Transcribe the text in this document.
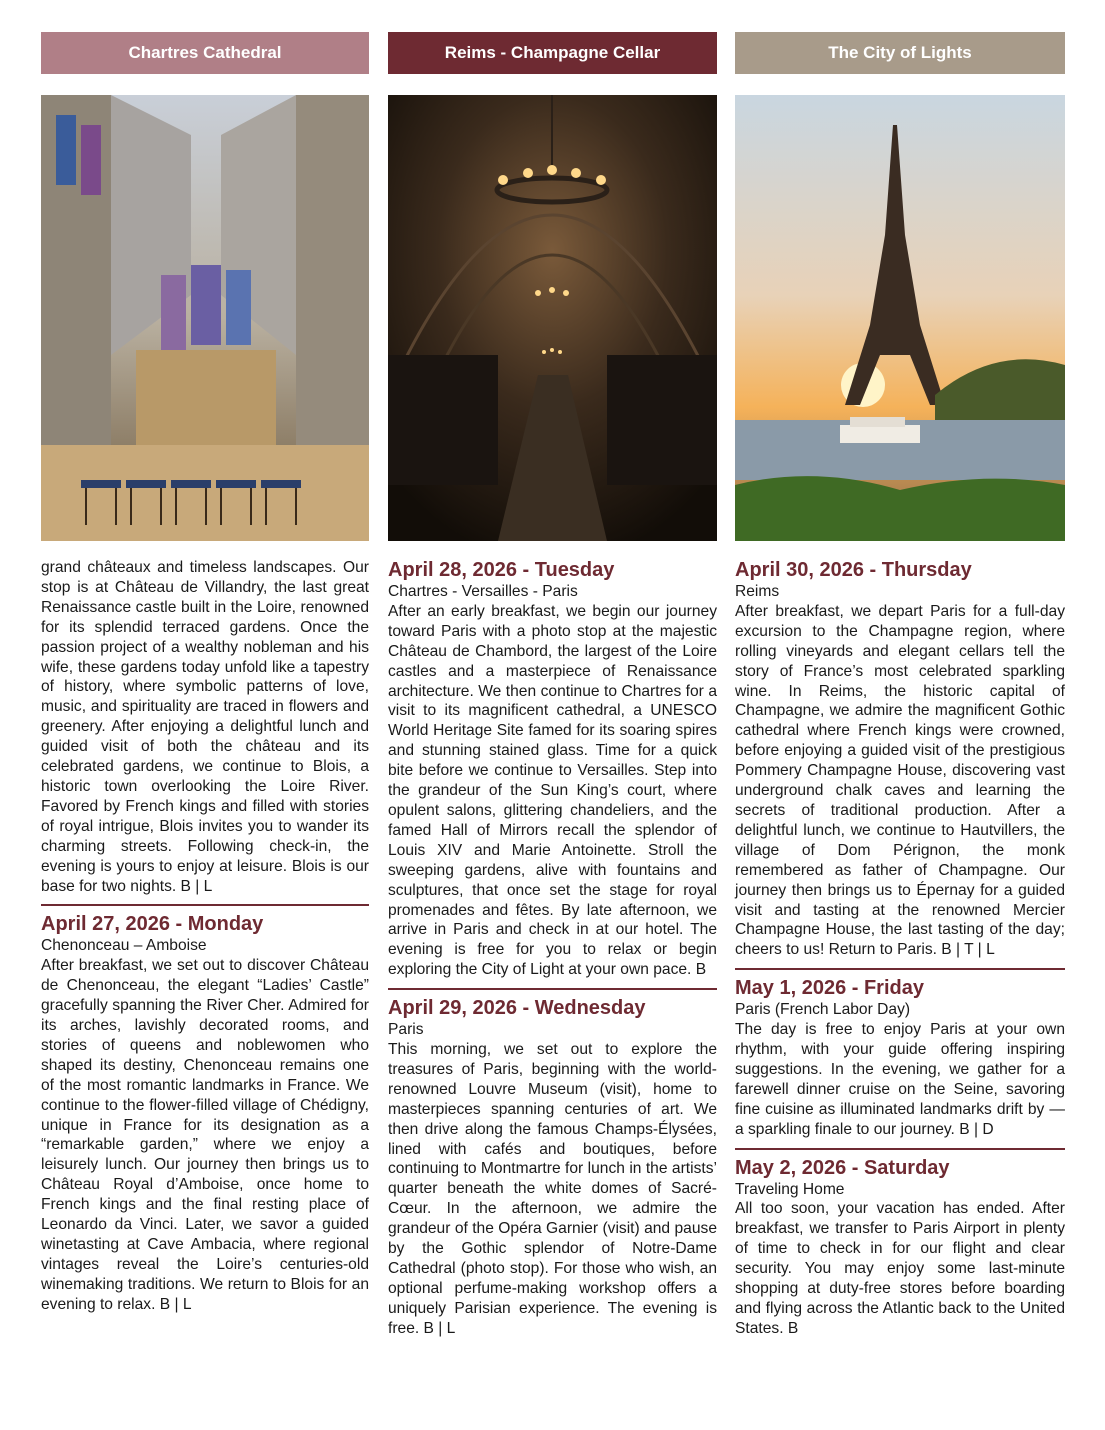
Chartres Cathedral

grand châteaux and timeless landscapes. Our stop is at Château de Villandry, the last great Renaissance castle built in the Loire, renowned for its splendid terraced gardens. Once the passion project of a wealthy nobleman and his wife, these gardens today unfold like a tapestry of history, where symbolic patterns of love, music, and spirituality are traced in flowers and greenery. After enjoying a delightful lunch and guided visit of both the château and its celebrated gardens, we continue to Blois, a historic town overlooking the Loire River. Favored by French kings and filled with stories of royal intrigue, Blois invites you to wander its charming streets. Following check-in, the evening is yours to enjoy at leisure. Blois is our base for two nights. B | L

April 27, 2026 - Monday

Chenonceau – Amboise

After breakfast, we set out to discover Château de Chenonceau, the elegant “Ladies’ Castle” gracefully spanning the River Cher. Admired for its arches, lavishly decorated rooms, and stories of queens and noblewomen who shaped its destiny, Chenonceau remains one of the most romantic landmarks in France. We continue to the flower-filled village of Chédigny, unique in France for its designation as a “remarkable garden,” where we enjoy a leisurely lunch. Our journey then brings us to Château Royal d’Amboise, once home to French kings and the final resting place of Leonardo da Vinci. Later, we savor a guided winetasting at Cave Ambacia, where regional vintages reveal the Loire’s centuries-old winemaking traditions. We return to Blois for an evening to relax. B | L

Reims - Champagne Cellar

April 28, 2026 - Tuesday

Chartres - Versailles - Paris

After an early breakfast, we begin our journey toward Paris with a photo stop at the majestic Château de Chambord, the largest of the Loire castles and a masterpiece of Renaissance architecture. We then continue to Chartres for a visit to its magnificent cathedral, a UNESCO World Heritage Site famed for its soaring spires and stunning stained glass. Time for a quick bite before we continue to Versailles. Step into the grandeur of the Sun King’s court, where opulent salons, glittering chandeliers, and the famed Hall of Mirrors recall the splendor of Louis XIV and Marie Antoinette. Stroll the sweeping gardens, alive with fountains and sculptures, that once set the stage for royal promenades and fêtes. By late afternoon, we arrive in Paris and check in at our hotel. The evening is free for you to relax or begin exploring the City of Light at your own pace. B

April 29, 2026 - Wednesday

Paris

This morning, we set out to explore the treasures of Paris, beginning with the world-renowned Louvre Museum (visit), home to masterpieces spanning centuries of art. We then drive along the famous Champs-Élysées, lined with cafés and boutiques, before continuing to Montmartre for lunch in the artists’ quarter beneath the white domes of Sacré-Cœur. In the afternoon, we admire the grandeur of the Opéra Garnier (visit) and pause by the Gothic splendor of Notre-Dame Cathedral (photo stop). For those who wish, an optional perfume-making workshop offers a uniquely Parisian experience. The evening is free. B | L

The City of Lights

April 30, 2026 - Thursday

Reims

After breakfast, we depart Paris for a full-day excursion to the Champagne region, where rolling vineyards and elegant cellars tell the story of France’s most celebrated sparkling wine. In Reims, the historic capital of Champagne, we admire the magnificent Gothic cathedral where French kings were crowned, before enjoying a guided visit of the prestigious Pommery Champagne House, discovering vast underground chalk caves and learning the secrets of traditional production. After a delightful lunch, we continue to Hautvillers, the village of Dom Pérignon, the monk remembered as father of Champagne. Our journey then brings us to Épernay for a guided visit and tasting at the renowned Mercier Champagne House, the last tasting of the day; cheers to us! Return to Paris. B | T | L

May 1, 2026 - Friday

Paris (French Labor Day)

The day is free to enjoy Paris at your own rhythm, with your guide offering inspiring suggestions. In the evening, we gather for a farewell dinner cruise on the Seine, savoring fine cuisine as illuminated landmarks drift by — a sparkling finale to our journey. B | D

May 2, 2026 - Saturday

Traveling Home

All too soon, your vacation has ended. After breakfast, we transfer to Paris Airport in plenty of time to check in for our flight and clear security. You may enjoy some last-minute shopping at duty-free stores before boarding and flying across the Atlantic back to the United States. B
